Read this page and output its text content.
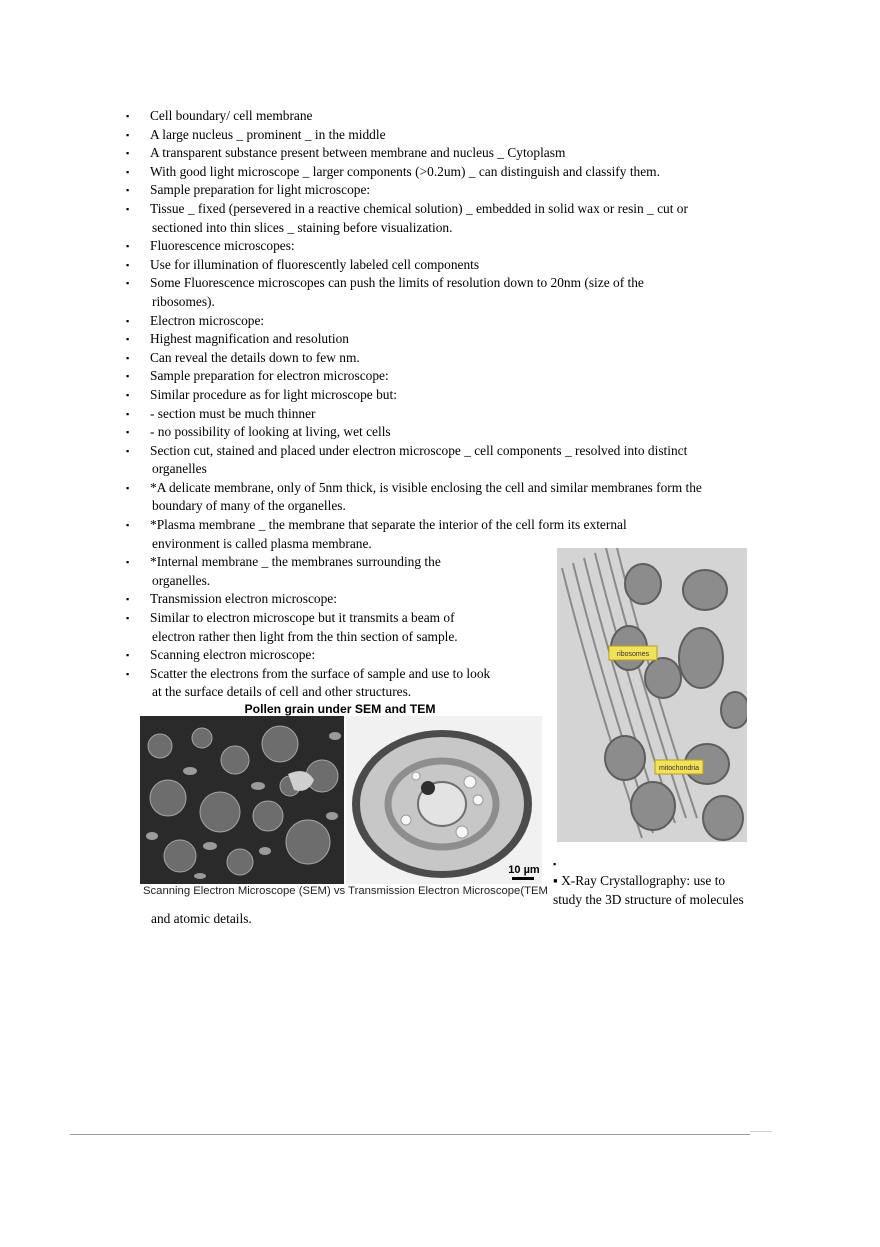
▪ Cell boundary/ cell membrane
▪ A large nucleus _ prominent _ in the middle
▪ A transparent substance present between membrane and nucleus _ Cytoplasm
▪ With good light microscope _ larger components (>0.2um) _ can distinguish and classify them.
▪ Sample preparation for light microscope:
▪ Tissue _ fixed (persevered in a reactive chemical solution) _ embedded in solid wax or resin _ cut or
sectioned into thin slices _ staining before visualization.
▪ Fluorescence microscopes:
▪ Use for illumination of fluorescently labeled cell components
▪ Some Fluorescence microscopes can push the limits of resolution down to 20nm (size of the
ribosomes).
▪ Electron microscope:
▪ Highest magnification and resolution
▪ Can reveal the details down to few nm.
▪ Sample preparation for electron microscope:
▪ Similar procedure as for light microscope but:
▪ - section must be much thinner
▪ - no possibility of looking at living, wet cells
▪ Section cut, stained and placed under electron microscope _ cell components _ resolved into distinct
organelles
▪ *A delicate membrane, only of 5nm thick, is visible enclosing the cell and similar membranes form the
boundary of many of the organelles.
▪ *Plasma membrane _ the membrane that separate the interior of the cell form its external
environment is called plasma membrane.
▪ *Internal membrane _ the membranes surrounding the
organelles.
▪ Transmission electron microscope:
▪ Similar to electron microscope but it transmits a beam of
electron rather then light from the thin section of sample.
▪ Scanning electron microscope:
▪ Scatter the electrons from the surface of sample and use to look
at the surface details of cell and other structures.
Pollen grain under SEM and TEM
10 µm
Scanning Electron Microscope (SEM) vs Transmission Electron Microscope(TEM
ribosomes
mitochondria
▪
▪ X-Ray Crystallography: use to
study the 3D structure of molecules
and atomic details.
